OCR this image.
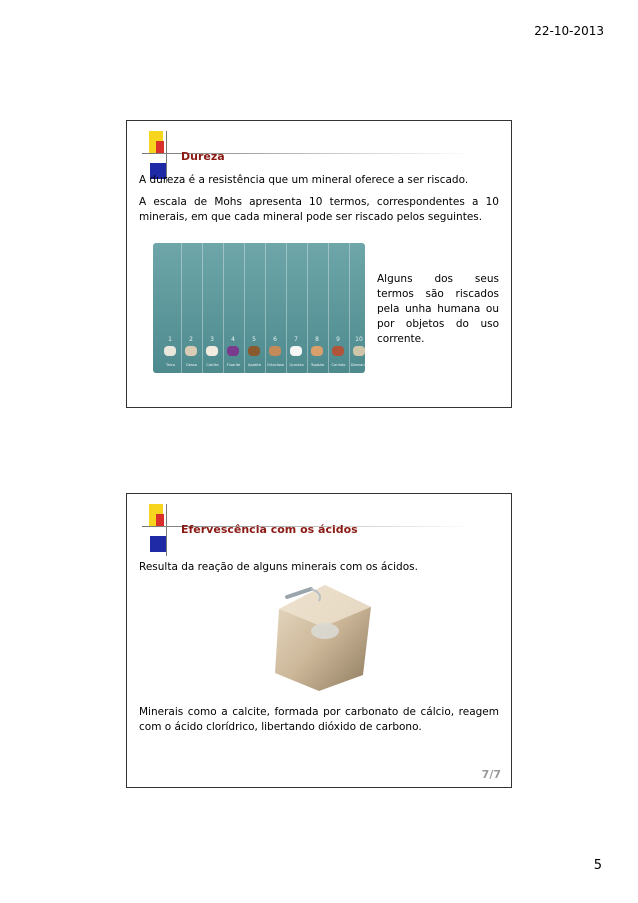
22-10-2013
Dureza

A dureza é a resistência que um mineral oferece a ser riscado.

A escala de Mohs apresenta 10 termos, correspondentes a 10 minerais, em que cada mineral pode ser riscado pelos seguintes.

1
Talco
2
Gesso
3
Calcite
4
Fluorite
5
Apatite
6
Ortoclase
7
Quartzo
8
Topázio
9
Corindo
10
Diamante

Alguns dos seus termos são riscados pela unha humana ou por objetos do uso corrente.

Efervescência com os ácidos

Resulta da reação de alguns minerais com os ácidos.

Minerais como a calcite, formada por carbonato de cálcio, reagem com o ácido clorídrico, libertando dióxido de carbono.

7/7
5
